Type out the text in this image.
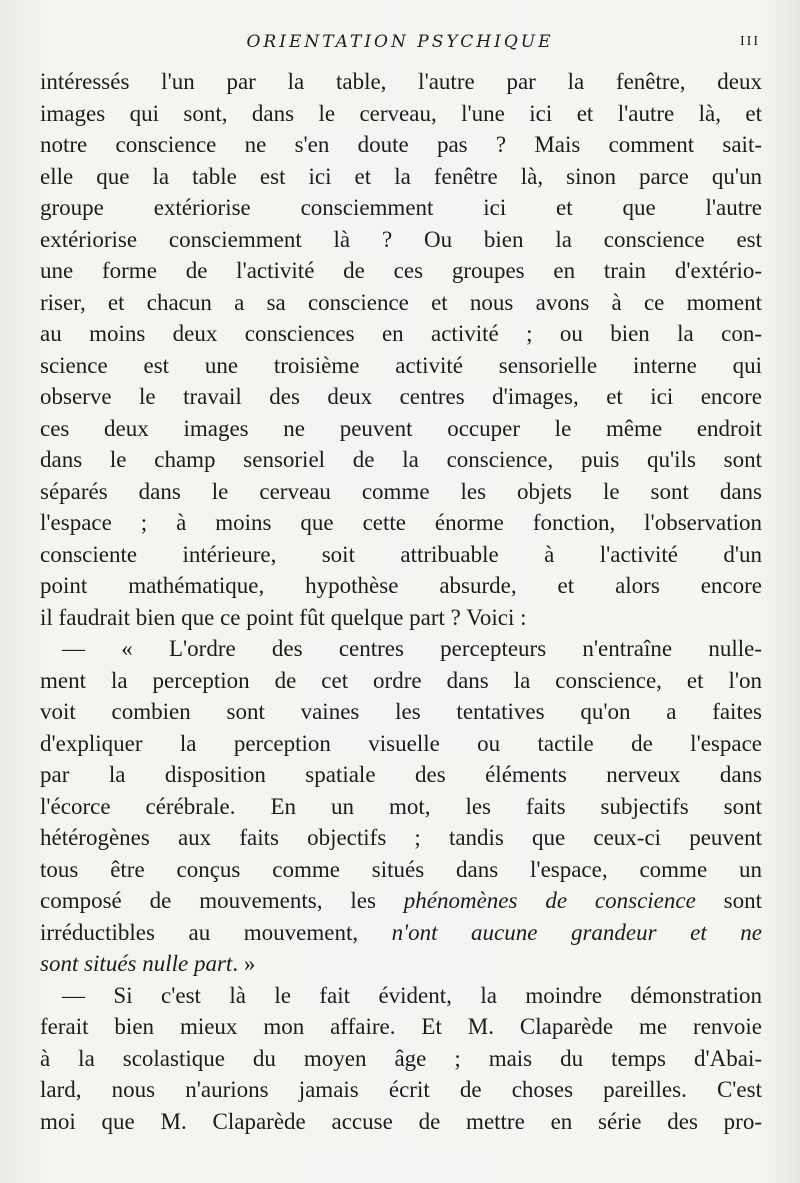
ORIENTATION PSYCHIQUE	III
intéressés l'un par la table, l'autre par la fenêtre, deux
images qui sont, dans le cerveau, l'une ici et l'autre là, et
notre conscience ne s'en doute pas ? Mais comment sait-
elle que la table est ici et la fenêtre là, sinon parce qu'un
groupe extériorise consciemment ici et que l'autre
extériorise consciemment là ? Ou bien la conscience est
une forme de l'activité de ces groupes en train d'extério-
riser, et chacun a sa conscience et nous avons à ce moment
au moins deux consciences en activité ; ou bien la con-
science est une troisième activité sensorielle interne qui
observe le travail des deux centres d'images, et ici encore
ces deux images ne peuvent occuper le même endroit
dans le champ sensoriel de la conscience, puis qu'ils sont
séparés dans le cerveau comme les objets le sont dans
l'espace ; à moins que cette énorme fonction, l'observation
consciente intérieure, soit attribuable à l'activité d'un
point mathématique, hypothèse absurde, et alors encore
il faudrait bien que ce point fût quelque part ? Voici :
— « L'ordre des centres percepteurs n'entraîne nulle-
ment la perception de cet ordre dans la conscience, et l'on
voit combien sont vaines les tentatives qu'on a faites
d'expliquer la perception visuelle ou tactile de l'espace
par la disposition spatiale des éléments nerveux dans
l'écorce cérébrale. En un mot, les faits subjectifs sont
hétérogènes aux faits objectifs ; tandis que ceux-ci peuvent
tous être conçus comme situés dans l'espace, comme un
composé de mouvements, les phénomènes de conscience sont
irréductibles au mouvement, n'ont aucune grandeur et ne
sont situés nulle part. »
— Si c'est là le fait évident, la moindre démonstration
ferait bien mieux mon affaire. Et M. Claparède me renvoie
à la scolastique du moyen âge ; mais du temps d'Abai-
lard, nous n'aurions jamais écrit de choses pareilles. C'est
moi que M. Claparède accuse de mettre en série des pro-
